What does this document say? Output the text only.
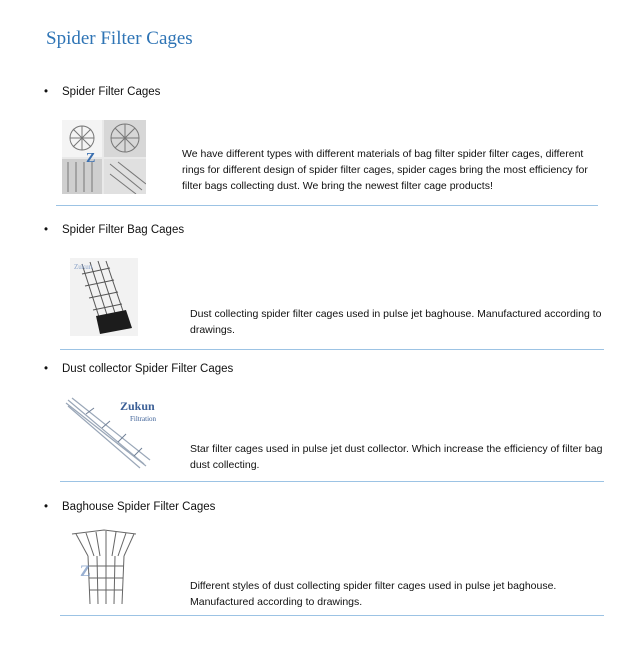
Spider Filter Cages
• Spider Filter Cages
Z	We have different types with different materials of bag filter spider filter cages, different rings for different design of spider filter cages, spider cages bring the most efficiency for filter bags collecting dust. We bring the newest filter cage products!
• Spider Filter Bag Cages
Zukun
Dust collecting spider filter cages used in pulse jet baghouse. Manufactured according to drawings.
• Dust collector Spider Filter Cages
Zukun
Filtration
Star filter cages used in pulse jet dust collector. Which increase the efficiency of filter bag dust collecting.
• Baghouse Spider Filter Cages
Z
Different styles of dust collecting spider filter cages used in pulse jet baghouse. Manufactured according to drawings.
